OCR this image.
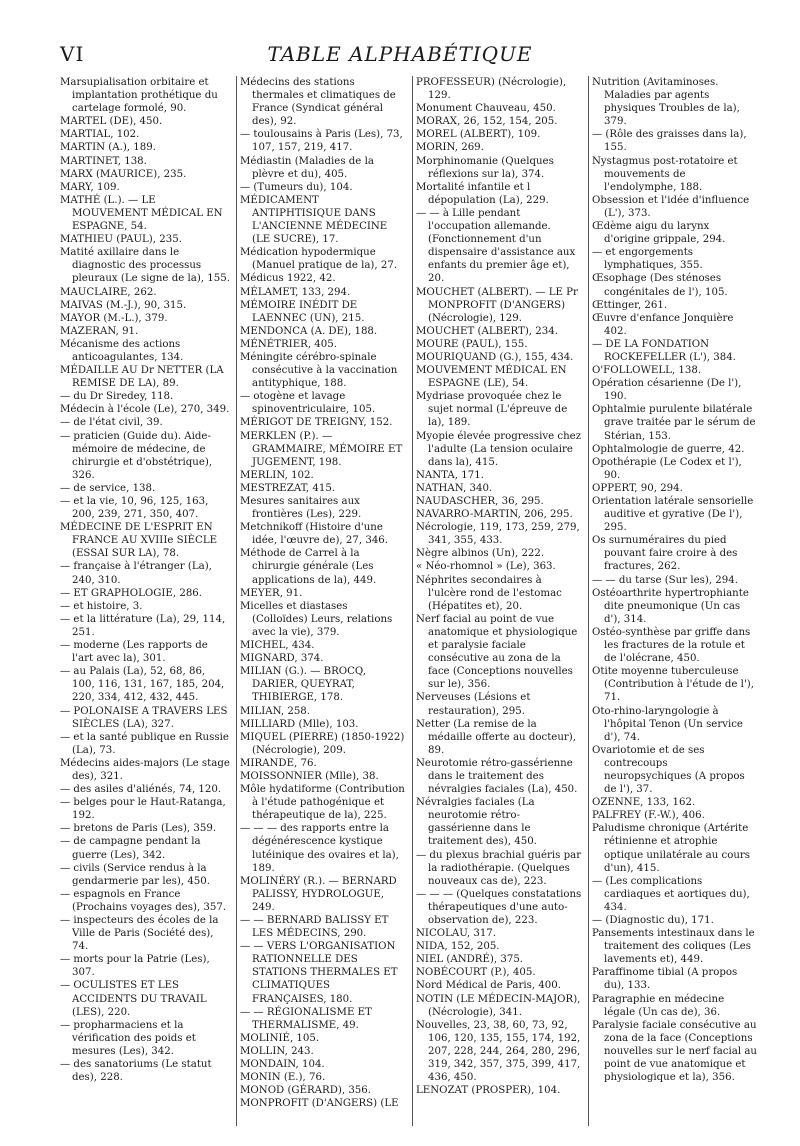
VI	TABLE ALPHABÉTIQUE

Marsupialisation orbitaire et implantation prothétique du cartelage formolé, 90.

MARTEL (DE), 450.

MARTIAL, 102.

MARTIN (A.), 189.

MARTINET, 138.

MARX (MAURICE), 235.

MARY, 109.

MATHÉ (L.). — LE MOUVEMENT MÉDICAL EN ESPAGNE, 54.

MATHIEU (PAUL), 235.

Matité axillaire dans le diagnostic des processus pleuraux (Le signe de la), 155.

MAUCLAIRE, 262.

MAIVAS (M.-J.), 90, 315.

MAYOR (M.-L.), 379.

MAZERAN, 91.

Mécanisme des actions anticoagulantes, 134.

MÉDAILLE AU Dr NETTER (LA REMISE DE LA), 89.

— du Dr Siredey, 118.

Médecin à l'école (Le), 270, 349.

— de l'état civil, 39.

— praticien (Guide du). Aide-mémoire de médecine, de chirurgie et d'obstétrique), 326.

— de service, 138.

— et la vie, 10, 96, 125, 163, 200, 239, 271, 350, 407.

MÉDECINE DE L'ESPRIT EN FRANCE AU XVIIIe SIÈCLE (ESSAI SUR LA), 78.

— française à l'étranger (La), 240, 310.

— ET GRAPHOLOGIE, 286.

— et histoire, 3.

— et la littérature (La), 29, 114, 251.

— moderne (Les rapports de l'art avec la), 301.

— au Palais (La), 52, 68, 86, 100, 116, 131, 167, 185, 204, 220, 334, 412, 432, 445.

— POLONAISE A TRAVERS LES SIÈCLES (LA), 327.

— et la santé publique en Russie (La), 73.

Médecins aides-majors (Le stage des), 321.

— des asiles d'aliénés, 74, 120.

— belges pour le Haut-Ratanga, 192.

— bretons de Paris (Les), 359.

— de campagne pendant la guerre (Les), 342.

— civils (Service rendus à la gendarmerie par les), 450.

— espagnols en France (Prochains voyages des), 357.

— inspecteurs des écoles de la Ville de Paris (Société des), 74.

— morts pour la Patrie (Les), 307.

— OCULISTES ET LES ACCIDENTS DU TRAVAIL (LES), 220.

— propharmaciens et la vérification des poids et mesures (Les), 342.

— des sanatoriums (Le statut des), 228.

Médecins des stations thermales et climatiques de France (Syndicat général des), 92.

— toulousains à Paris (Les), 73, 107, 157, 219, 417.

Médiastin (Maladies de la plèvre et du), 405.

— (Tumeurs du), 104.

MÉDICAMENT ANTIPHTISIQUE DANS L'ANCIENNE MÉDECINE (LE SUCRE), 17.

Médication hypodermique (Manuel pratique de la), 27.

Médicus 1922, 42.

MÉLAMET, 133, 294.

MÉMOIRE INÉDIT DE LAENNEC (UN), 215.

MENDONCA (A. DE), 188.

MÉNÉTRIER, 405.

Méningite cérébro-spinale consécutive à la vaccination antityphique, 188.

— otogène et lavage spinoventriculaire, 105.

MÉRIGOT DE TREIGNY, 152.

MERKLEN (P.). — GRAMMAIRE, MÉMOIRE ET JUGEMENT, 198.

MERLIN, 102.

MESTREZAT, 415.

Mesures sanitaires aux frontières (Les), 229.

Metchnikoff (Histoire d'une idée, l'œuvre de), 27, 346.

Méthode de Carrel à la chirurgie générale (Les applications de la), 449.

MEYER, 91.

Micelles et diastases (Colloïdes) Leurs, relations avec la vie), 379.

MICHEL, 434.

MIGNARD, 374.

MILIAN (G.). — BROCQ, DARIER, QUEYRAT, THIBIERGE, 178.

MILIAN, 258.

MILLIARD (Mlle), 103.

MIQUEL (PIERRE) (1850-1922) (Nécrologie), 209.

MIRANDE, 76.

MOISSONNIER (Mlle), 38.

Môle hydatiforme (Contribution à l'étude pathogénique et thérapeutique de la), 225.

— — — des rapports entre la dégénérescence kystique lutéinique des ovaires et la), 189.

MOLINÉRY (R.). — BERNARD PALISSY, HYDROLOGUE, 249.

— — BERNARD BALISSY ET LES MÉDECINS, 290.

— — VERS L'ORGANISATION RATIONNELLE DES STATIONS THERMALES ET CLIMATIQUES FRANÇAISES, 180.

— — RÉGIONALISME ET THERMALISME, 49.

MOLINIÉ, 105.

MOLLIN, 243.

MONDAIN, 104.

MONIN (E.), 76.

MONOD (GÉRARD), 356.

MONPROFIT (D'ANGERS) (LE

PROFESSEUR) (Nécrologie), 129.

Monument Chauveau, 450.

MORAX, 26, 152, 154, 205.

MOREL (ALBERT), 109.

MORIN, 269.

Morphinomanie (Quelques réflexions sur la), 374.

Mortalité infantile et l dépopulation (La), 229.

— — à Lille pendant l'occupation allemande. (Fonctionnement d'un dispensaire d'assistance aux enfants du premier âge et), 20.

MOUCHET (ALBERT). — LE Pr MONPROFIT (D'ANGERS) (Nécrologie), 129.

MOUCHET (ALBERT), 234.

MOURE (PAUL), 155.

MOURIQUAND (G.), 155, 434.

MOUVEMENT MÉDICAL EN ESPAGNE (LE), 54.

Mydriase provoquée chez le sujet normal (L'épreuve de la), 189.

Myopie élevée progressive chez l'adulte (La tension oculaire dans la), 415.

NANTA, 171.

NATHAN, 340.

NAUDASCHER, 36, 295.

NAVARRO-MARTIN, 206, 295.

Nécrologie, 119, 173, 259, 279, 341, 355, 433.

Nègre albinos (Un), 222.

« Néo-rhomnol » (Le), 363.

Néphrites secondaires à l'ulcère rond de l'estomac (Hépatites et), 20.

Nerf facial au point de vue anatomique et physiologique et paralysie faciale consécutive au zona de la face (Conceptions nouvelles sur le), 356.

Nerveuses (Lésions et restauration), 295.

Netter (La remise de la médaille offerte au docteur), 89.

Neurotomie rétro-gassérienne dans le traitement des névralgies faciales (La), 450.

Névralgies faciales (La neurotomie rétro-gassérienne dans le traitement des), 450.

— du plexus brachial guéris par la radiothérapie. (Quelques nouveaux cas de), 223.

— — — (Quelques constatations thérapeutiques d'une auto-observation de), 223.

NICOLAU, 317.

NIDA, 152, 205.

NIEL (ANDRÉ), 375.

NOBÉCOURT (P.), 405.

Nord Médical de Paris, 400.

NOTIN (LE MÉDECIN-MAJOR), (Nécrologie), 341.

Nouvelles, 23, 38, 60, 73, 92, 106, 120, 135, 155, 174, 192, 207, 228, 244, 264, 280, 296, 319, 342, 357, 375, 399, 417, 436, 450.

LENOZAT (PROSPER), 104.

Nutrition (Avitaminoses. Maladies par agents physiques Troubles de la), 379.

— (Rôle des graisses dans la), 155.

Nystagmus post-rotatoire et mouvements de l'endolymphe, 188.

Obsession et l'idée d'influence (L'), 373.

Œdème aigu du larynx d'origine grippale, 294.

— et engorgements lymphatiques, 355.

Œsophage (Des sténoses congénitales de l'), 105.

Œttinger, 261.

Œuvre d'enfance Jonquière 402.

— DE LA FONDATION ROCKEFELLER (L'), 384.

O'FOLLOWELL, 138.

Opération césarienne (De l'), 190.

Ophtalmie purulente bilatérale grave traitée par le sérum de Stérian, 153.

Ophtalmologie de guerre, 42.

Opothérapie (Le Codex et l'), 90.

OPPERT, 90, 294.

Orientation latérale sensorielle auditive et gyrative (De l'), 295.

Os surnuméraires du pied pouvant faire croire à des fractures, 262.

— — du tarse (Sur les), 294.

Ostéoarthrite hypertrophiante dite pneumonique (Un cas d'), 314.

Ostéo-synthèse par griffe dans les fractures de la rotule et de l'olécrane, 450.

Otite moyenne tuberculeuse (Contribution à l'étude de l'), 71.

Oto-rhino-laryngologie à l'hôpital Tenon (Un service d'), 74.

Ovariotomie et de ses contrecoups neuropsychiques (A propos de l'), 37.

OZENNE, 133, 162.

PALFREY (F.-W.), 406.

Paludisme chronique (Artérite rétinienne et atrophie optique unilatérale au cours d'un), 415.

— (Les complications cardiaques et aortiques du), 434.

— (Diagnostic du), 171.

Pansements intestinaux dans le traitement des coliques (Les lavements et), 449.

Paraffinome tibial (A propos du), 133.

Paragraphie en médecine légale (Un cas de), 36.

Paralysie faciale consécutive au zona de la face (Conceptions nouvelles sur le nerf facial au point de vue anatomique et physiologique et la), 356.
